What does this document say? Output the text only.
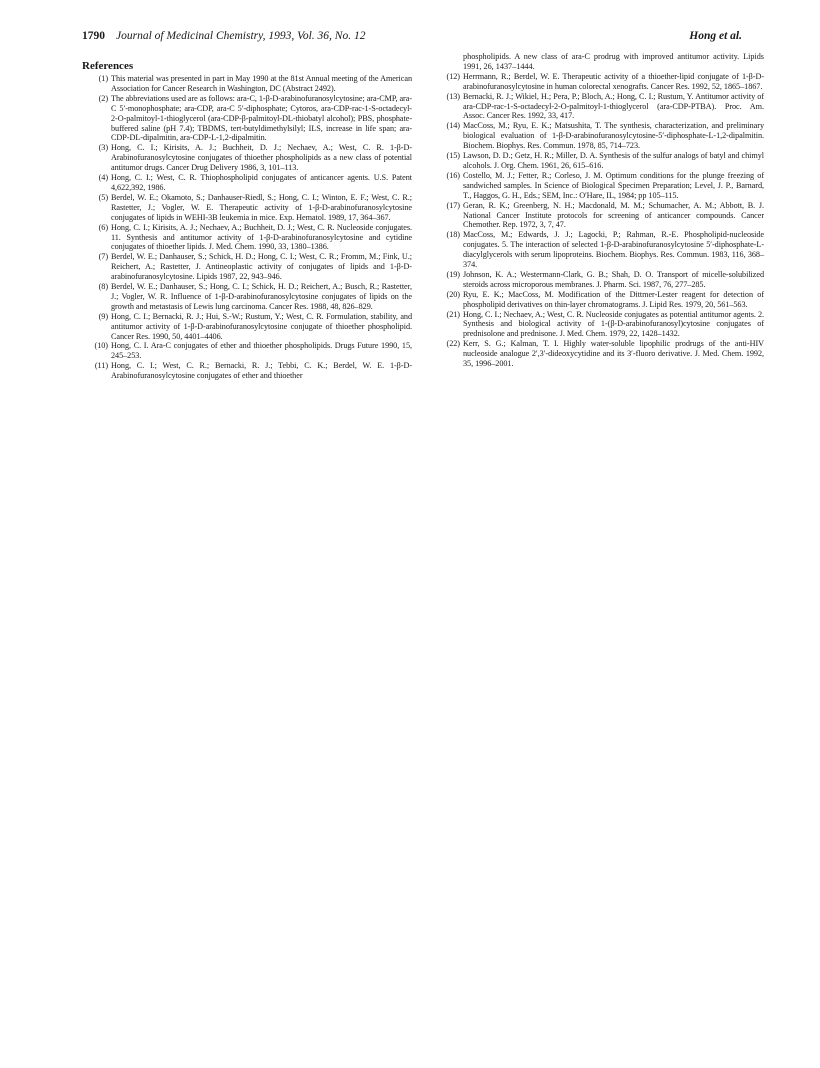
1790 Journal of Medicinal Chemistry, 1993, Vol. 36, No. 12	Hong et al.
References
(1) This material was presented in part in May 1990 at the 81st Annual meeting of the American Association for Cancer Research in Washington, DC (Abstract 2492).
(2) The abbreviations used are as follows: ara-C, 1-β-D-arabinofuranosylcytosine; ara-CMP, ara-C 5′-monophosphate; ara-CDP, ara-C 5′-diphosphate; Cytoros, ara-CDP-rac-1-S-octadecyl-2-O-palmitoyl-1-thioglycerol (ara-CDP-β-palmitoyl-DL-thiobatyl alcohol); PBS, phosphate-buffered saline (pH 7.4); TBDMS, tert-butyldimethylsilyl; ILS, increase in life span; ara-CDP-DL-dipalmitin, ara-CDP-L-1,2-dipalmitin.
(3) Hong, C. I.; Kirisits, A. J.; Buchheit, D. J.; Nechaev, A.; West, C. R. 1-β-D-Arabinofuranosylcytosine conjugates of thioether phospholipids as a new class of potential antitumor drugs. Cancer Drug Delivery 1986, 3, 101–113.
(4) Hong, C. I.; West, C. R. Thiophospholipid conjugates of anticancer agents. U.S. Patent 4,622,392, 1986.
(5) Berdel, W. E.; Okamoto, S.; Danhauser-Riedl, S.; Hong, C. I.; Winton, E. F.; West, C. R.; Rastetter, J.; Vogler, W. E. Therapeutic activity of 1-β-D-arabinofuranosylcytosine conjugates of lipids in WEHI-3B leukemia in mice. Exp. Hematol. 1989, 17, 364–367.
(6) Hong, C. I.; Kirisits, A. J.; Nechaev, A.; Buchheit, D. J.; West, C. R. Nucleoside conjugates. 11. Synthesis and antitumor activity of 1-β-D-arabinofuranosylcytosine and cytidine conjugates of thioether lipids. J. Med. Chem. 1990, 33, 1380–1386.
(7) Berdel, W. E.; Danhauser, S.; Schick, H. D.; Hong, C. I.; West, C. R.; Fromm, M.; Fink, U.; Reichert, A.; Rastetter, J. Antineoplastic activity of conjugates of lipids and 1-β-D-arabinofuranosylcytosine. Lipids 1987, 22, 943–946.
(8) Berdel, W. E.; Danhauser, S.; Hong, C. I.; Schick, H. D.; Reichert, A.; Busch, R.; Rastetter, J.; Vogler, W. R. Influence of 1-β-D-arabinofuranosylcytosine conjugates of lipids on the growth and metastasis of Lewis lung carcinoma. Cancer Res. 1988, 48, 826–829.
(9) Hong, C. I.; Bernacki, R. J.; Hui, S.-W.; Rustum, Y.; West, C. R. Formulation, stability, and antitumor activity of 1-β-D-arabinofuranosylcytosine conjugate of thioether phospholipid. Cancer Res. 1990, 50, 4401–4406.
(10) Hong, C. I. Ara-C conjugates of ether and thioether phospholipids. Drugs Future 1990, 15, 245–253.
(11) Hong, C. I.; West, C. R.; Bernacki, R. J.; Tebbi, C. K.; Berdel, W. E. 1-β-D-Arabinofuranosylcytosine conjugates of ether and thioether
phospholipids. A new class of ara-C prodrug with improved antitumor activity. Lipids 1991, 26, 1437–1444.
(12) Herrmann, R.; Berdel, W. E. Therapeutic activity of a thioether-lipid conjugate of 1-β-D-arabinofuranosylcytosine in human colorectal xenografts. Cancer Res. 1992, 52, 1865–1867.
(13) Bernacki, R. J.; Wikiel, H.; Pera, P.; Bloch, A.; Hong, C. I.; Rustum, Y. Antitumor activity of ara-CDP-rac-1-S-octadecyl-2-O-palmitoyl-1-thioglycerol (ara-CDP-PTBA). Proc. Am. Assoc. Cancer Res. 1992, 33, 417.
(14) MacCoss, M.; Ryu, E. K.; Matsushita, T. The synthesis, characterization, and preliminary biological evaluation of 1-β-D-arabinofuranosylcytosine-5′-diphosphate-L-1,2-dipalmitin. Biochem. Biophys. Res. Commun. 1978, 85, 714–723.
(15) Lawson, D. D.; Getz, H. R.; Miller, D. A. Synthesis of the sulfur analogs of batyl and chimyl alcohols. J. Org. Chem. 1961, 26, 615–616.
(16) Costello, M. J.; Fetter, R.; Corleso, J. M. Optimum conditions for the plunge freezing of sandwiched samples. In Science of Biological Specimen Preparation; Level, J. P., Barnard, T., Haggos, G. H., Eds.; SEM, Inc.: O'Hare, IL, 1984; pp 105–115.
(17) Geran, R. K.; Greenberg, N. H.; Macdonald, M. M.; Schumacher, A. M.; Abbott, B. J. National Cancer Institute protocols for screening of anticancer compounds. Cancer Chemother. Rep. 1972, 3, 7, 47.
(18) MacCoss, M.; Edwards, J. J.; Lagocki, P.; Rahman, R.-E. Phospholipid-nucleoside conjugates. 5. The interaction of selected 1-β-D-arabinofuranosylcytosine 5′-diphosphate-L-diacylglycerols with serum lipoproteins. Biochem. Biophys. Res. Commun. 1983, 116, 368–374.
(19) Johnson, K. A.; Westermann-Clark, G. B.; Shah, D. O. Transport of micelle-solubilized steroids across microporous membranes. J. Pharm. Sci. 1987, 76, 277–285.
(20) Ryu, E. K.; MacCoss, M. Modification of the Dittmer-Lester reagent for detection of phospholipid derivatives on thin-layer chromatograms. J. Lipid Res. 1979, 20, 561–563.
(21) Hong, C. I.; Nechaev, A.; West, C. R. Nucleoside conjugates as potential antitumor agents. 2. Synthesis and biological activity of 1-(β-D-arabinofuranosyl)cytosine conjugates of prednisolone and prednisone. J. Med. Chem. 1979, 22, 1428–1432.
(22) Kerr, S. G.; Kalman, T. I. Highly water-soluble lipophilic prodrugs of the anti-HIV nucleoside analogue 2′,3′-dideoxycytidine and its 3′-fluoro derivative. J. Med. Chem. 1992, 35, 1996–2001.
